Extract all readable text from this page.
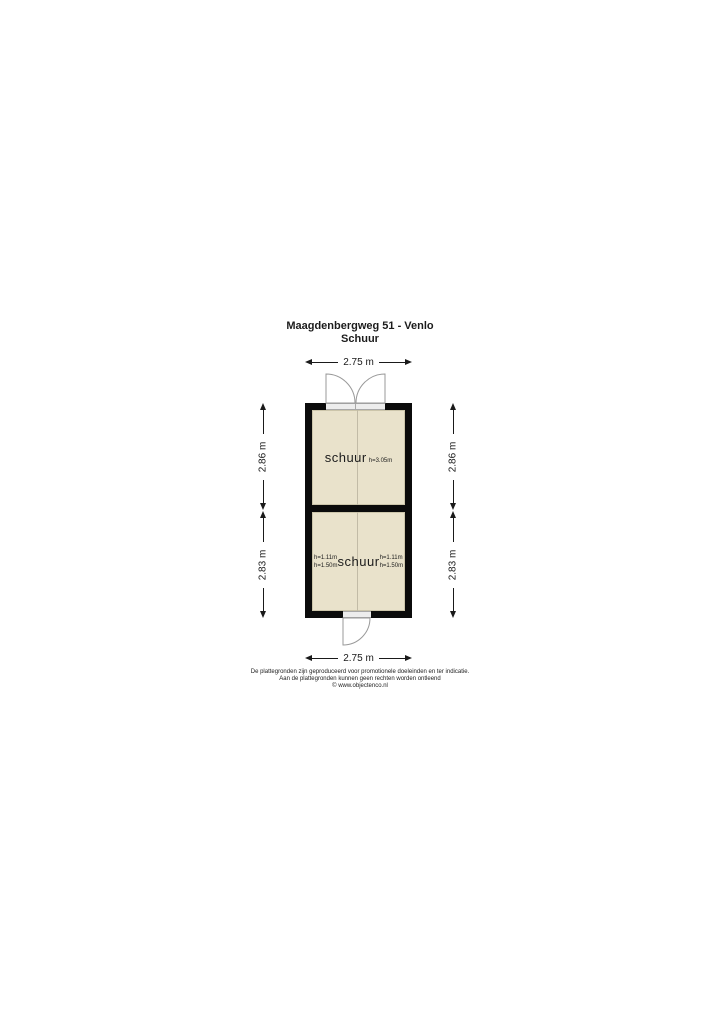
Maagdenbergweg 51 - Venlo
Schuur
2.75 m
2.86 m
2.83 m
2.86 m
2.83 m
schuur h=3.05m
h=1.11m
h=1.50m schuur h=1.11m
h=1.50m
2.75 m
De plattegronden zijn geproduceerd voor promotionele doeleinden en ter indicatie.
Aan de plattegronden kunnen geen rechten worden ontleend
© www.objectenco.nl
